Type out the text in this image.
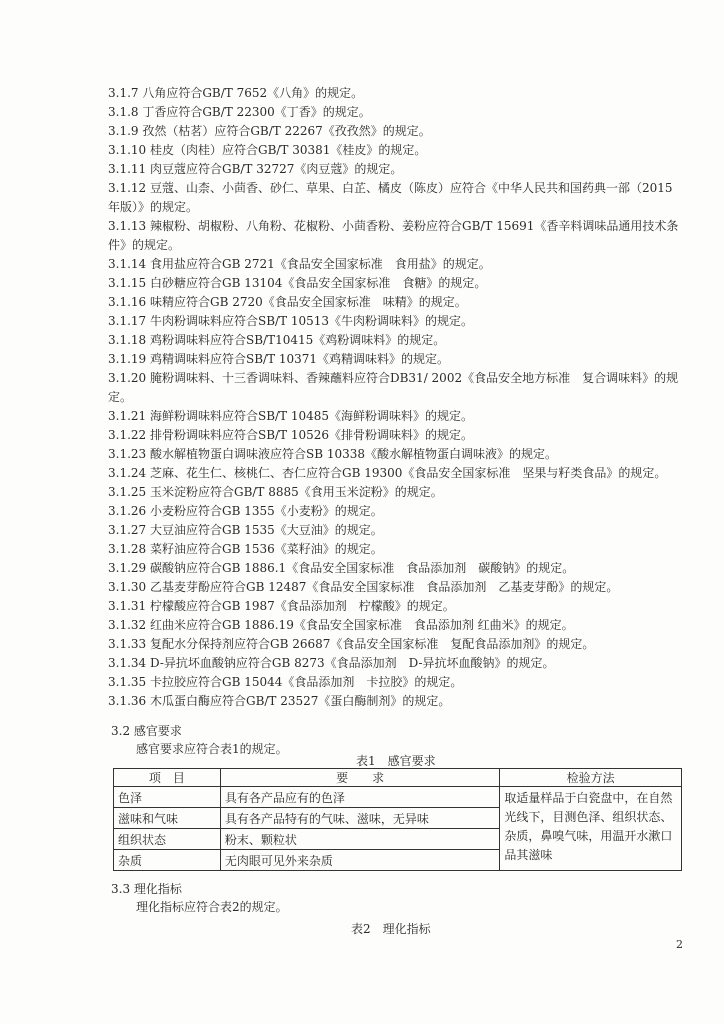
3.1.7 八角应符合GB/T 7652《八角》的规定。
3.1.8 丁香应符合GB/T 22300《丁香》的规定。
3.1.9 孜然（枯茗）应符合GB/T 22267《孜孜然》的规定。
3.1.10 桂皮（肉桂）应符合GB/T 30381《桂皮》的规定。
3.1.11 肉豆蔻应符合GB/T 32727《肉豆蔻》的规定。
3.1.12 豆蔻、山柰、小茴香、砂仁、草果、白芷、橘皮（陈皮）应符合《中华人民共和国药典一部（2015年版）》的规定。
3.1.13 辣椒粉、胡椒粉、八角粉、花椒粉、小茴香粉、姜粉应符合GB/T 15691《香辛料调味品通用技术条件》的规定。
3.1.14 食用盐应符合GB 2721《食品安全国家标准　食用盐》的规定。
3.1.15 白砂糖应符合GB 13104《食品安全国家标准　食糖》的规定。
3.1.16 味精应符合GB 2720《食品安全国家标准　味精》的规定。
3.1.17 牛肉粉调味料应符合SB/T 10513《牛肉粉调味料》的规定。
3.1.18 鸡粉调味料应符合SB/T10415《鸡粉调味料》的规定。
3.1.19 鸡精调味料应符合SB/T 10371《鸡精调味料》的规定。
3.1.20 腌粉调味料、十三香调味料、香辣蘸料应符合DB31/ 2002《食品安全地方标准　复合调味料》的规定。
3.1.21 海鲜粉调味料应符合SB/T 10485《海鲜粉调味料》的规定。
3.1.22 排骨粉调味料应符合SB/T 10526《排骨粉调味料》的规定。
3.1.23 酸水解植物蛋白调味液应符合SB 10338《酸水解植物蛋白调味液》的规定。
3.1.24 芝麻、花生仁、核桃仁、杏仁应符合GB 19300《食品安全国家标准　坚果与籽类食品》的规定。
3.1.25 玉米淀粉应符合GB/T 8885《食用玉米淀粉》的规定。
3.1.26 小麦粉应符合GB 1355《小麦粉》的规定。
3.1.27 大豆油应符合GB 1535《大豆油》的规定。
3.1.28 菜籽油应符合GB 1536《菜籽油》的规定。
3.1.29 碳酸钠应符合GB 1886.1《食品安全国家标准　食品添加剂　碳酸钠》的规定。
3.1.30 乙基麦芽酚应符合GB 12487《食品安全国家标准　食品添加剂　乙基麦芽酚》的规定。
3.1.31 柠檬酸应符合GB 1987《食品添加剂　柠檬酸》的规定。
3.1.32 红曲米应符合GB 1886.19《食品安全国家标准　食品添加剂 红曲米》的规定。
3.1.33 复配水分保持剂应符合GB 26687《食品安全国家标准　复配食品添加剂》的规定。
3.1.34 D-异抗坏血酸钠应符合GB 8273《食品添加剂　D-异抗坏血酸钠》的规定。
3.1.35 卡拉胶应符合GB 15044《食品添加剂　卡拉胶》的规定。
3.1.36 木瓜蛋白酶应符合GB/T 23527《蛋白酶制剂》的规定。
3.2 感官要求
感官要求应符合表1的规定。
表1　感官要求
项　目	要　　求	检验方法
色泽	具有各产品应有的色泽	取适量样品于白瓷盘中，在自然光线下，目测色泽、组织状态、杂质，鼻嗅气味，用温开水漱口品其滋味
滋味和气味	具有各产品特有的气味、滋味，无异味	
组织状态	粉末、颗粒状	
杂质	无肉眼可见外来杂质	
3.3 理化指标
理化指标应符合表2的规定。
表2　理化指标
2
